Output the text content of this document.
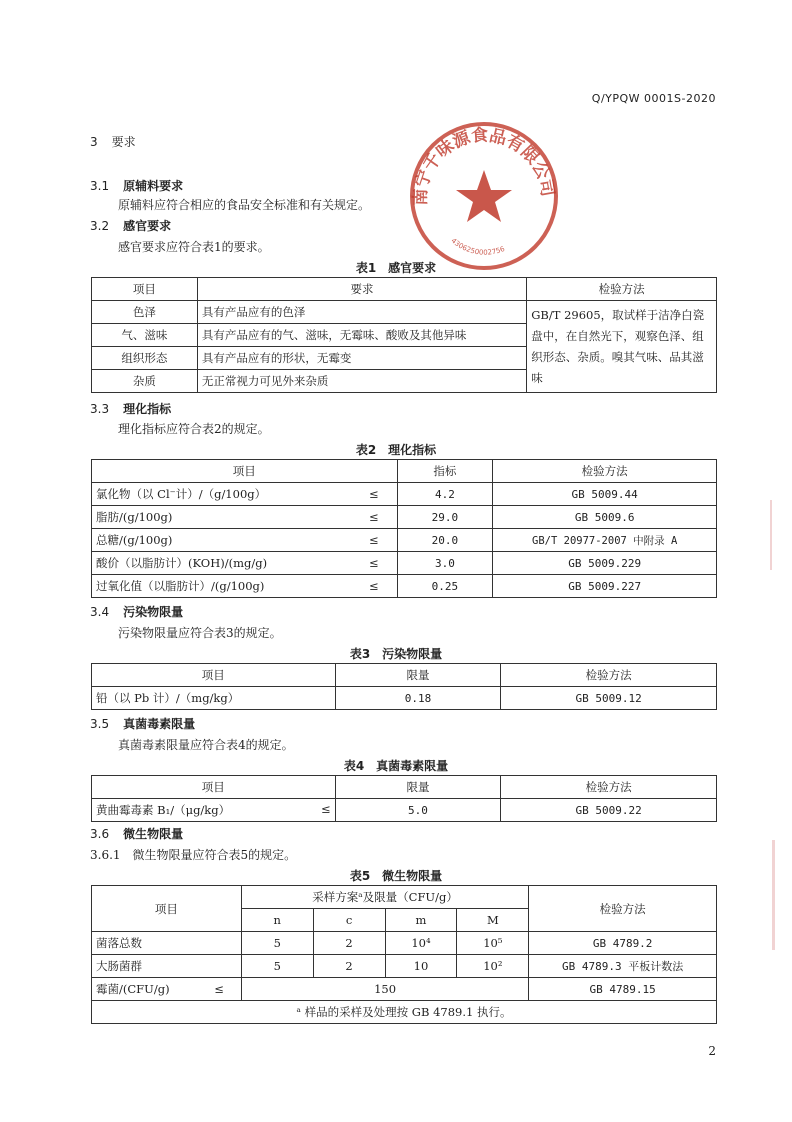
Q/YPQW 0001S-2020
南宁千味源食品有限公司
4306250002756
3 要求
3.1 原辅料要求
原辅料应符合相应的食品安全标准和有关规定。
3.2 感官要求
感官要求应符合表1的要求。
表1　感官要求
项目	要求	检验方法
色泽	具有产品应有的色泽	GB/T 29605，取试样于洁净白瓷盘中，在自然光下，观察色泽、组织形态、杂质。嗅其气味、品其滋味
气、滋味	具有产品应有的气、滋味，无霉味、酸败及其他异味	
组织形态	具有产品应有的形状，无霉变	
杂质	无正常视力可见外来杂质	
3.3 理化指标
理化指标应符合表2的规定。
表2　理化指标
项目		指标	检验方法
氯化物（以 Cl⁻计）/（g/100g）	≤	4.2	GB 5009.44
脂肪/(g/100g)	≤	29.0	GB 5009.6
总糖/(g/100g)	≤	20.0	GB/T 20977-2007 中附录 A
酸价（以脂肪计）(KOH)/(mg/g)	≤	3.0	GB 5009.229
过氧化值（以脂肪计）/(g/100g)	≤	0.25	GB 5009.227
3.4 污染物限量
污染物限量应符合表3的规定。
表3　污染物限量
项目	限量	检验方法
铅（以 Pb 计）/（mg/kg）	0.18	GB 5009.12
3.5 真菌毒素限量
真菌毒素限量应符合表4的规定。
表4　真菌毒素限量
项目	限量	检验方法
黄曲霉毒素 B₁/（μg/kg） ≤	5.0	GB 5009.22
3.6 微生物限量
3.6.1 微生物限量应符合表5的规定。
表5　微生物限量
项目		采样方案ᵃ及限量（CFU/g）				检验方法
		n	c	m	M	
菌落总数		5	2	10⁴	10⁵	GB 4789.2
大肠菌群		5	2	10	10²	GB 4789.3 平板计数法
霉菌/(CFU/g)	≤	150				GB 4789.15
ᵃ 样品的采样及处理按 GB 4789.1 执行。						
2
